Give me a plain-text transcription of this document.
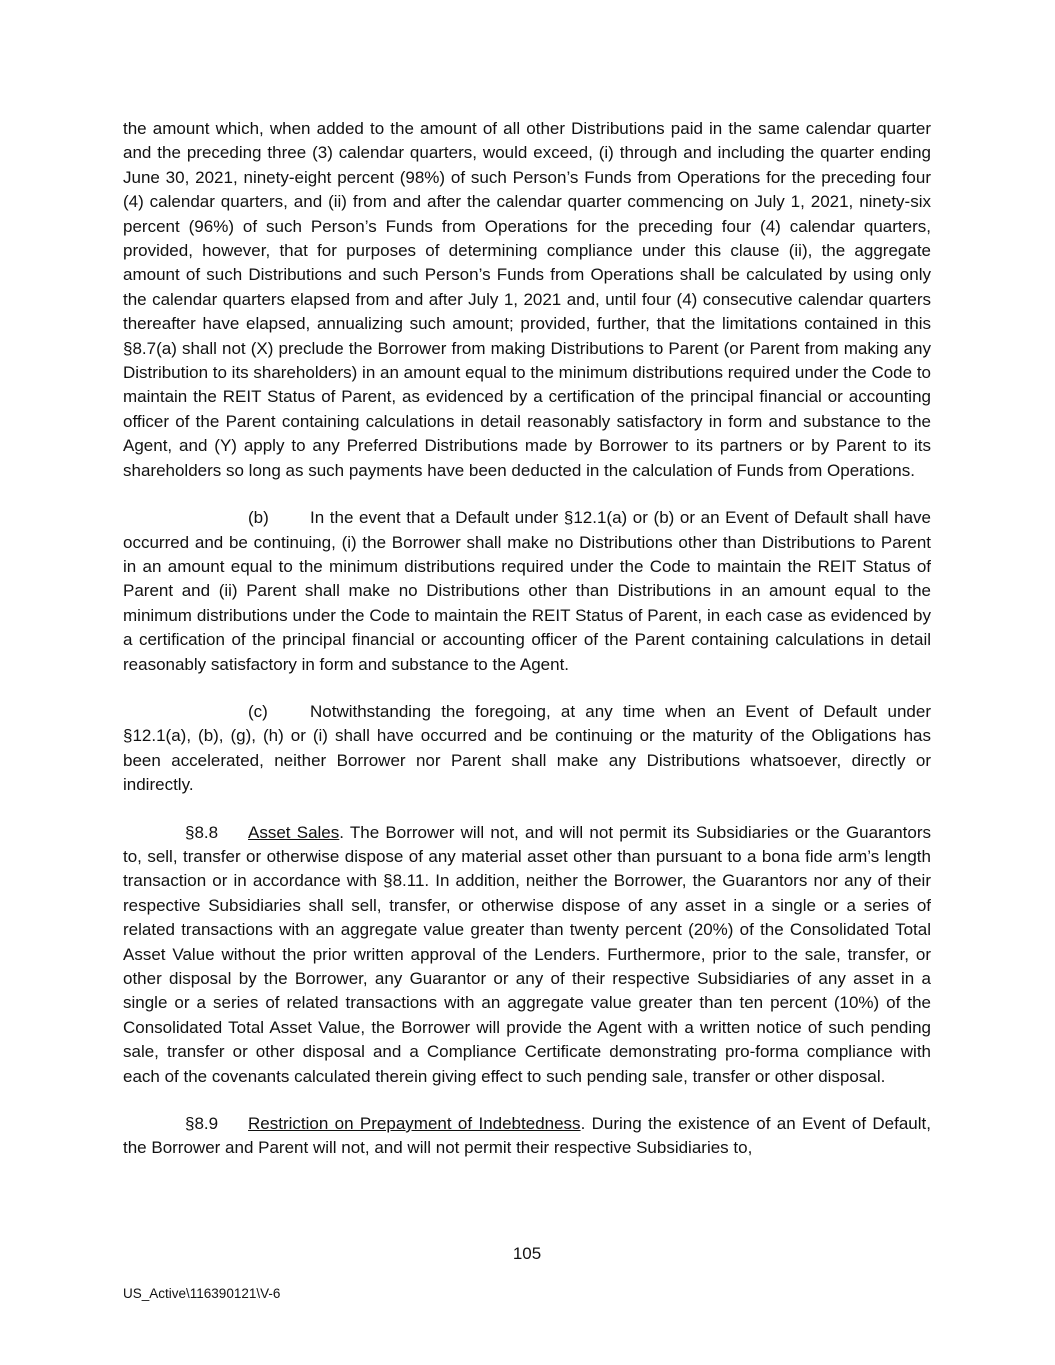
the amount which, when added to the amount of all other Distributions paid in the same calendar quarter and the preceding three (3) calendar quarters, would exceed, (i) through and including the quarter ending June 30, 2021, ninety-eight percent (98%) of such Person’s Funds from Operations for the preceding four (4) calendar quarters, and (ii) from and after the calendar quarter commencing on July 1, 2021, ninety-six percent (96%) of such Person’s Funds from Operations for the preceding four (4) calendar quarters, provided, however, that for purposes of determining compliance under this clause (ii), the aggregate amount of such Distributions and such Person’s Funds from Operations shall be calculated by using only the calendar quarters elapsed from and after July 1, 2021 and, until four (4) consecutive calendar quarters thereafter have elapsed, annualizing such amount; provided, further, that the limitations contained in this §8.7(a) shall not (X) preclude the Borrower from making Distributions to Parent (or Parent from making any Distribution to its shareholders) in an amount equal to the minimum distributions required under the Code to maintain the REIT Status of Parent, as evidenced by a certification of the principal financial or accounting officer of the Parent containing calculations in detail reasonably satisfactory in form and substance to the Agent, and (Y) apply to any Preferred Distributions made by Borrower to its partners or by Parent to its shareholders so long as such payments have been deducted in the calculation of Funds from Operations.

(b) In the event that a Default under §12.1(a) or (b) or an Event of Default shall have occurred and be continuing, (i) the Borrower shall make no Distributions other than Distributions to Parent in an amount equal to the minimum distributions required under the Code to maintain the REIT Status of Parent and (ii) Parent shall make no Distributions other than Distributions in an amount equal to the minimum distributions under the Code to maintain the REIT Status of Parent, in each case as evidenced by a certification of the principal financial or accounting officer of the Parent containing calculations in detail reasonably satisfactory in form and substance to the Agent.

(c) Notwithstanding the foregoing, at any time when an Event of Default under §12.1(a), (b), (g), (h) or (i) shall have occurred and be continuing or the maturity of the Obligations has been accelerated, neither Borrower nor Parent shall make any Distributions whatsoever, directly or indirectly.

§8.8 Asset Sales. The Borrower will not, and will not permit its Subsidiaries or the Guarantors to, sell, transfer or otherwise dispose of any material asset other than pursuant to a bona fide arm’s length transaction or in accordance with §8.11. In addition, neither the Borrower, the Guarantors nor any of their respective Subsidiaries shall sell, transfer, or otherwise dispose of any asset in a single or a series of related transactions with an aggregate value greater than twenty percent (20%) of the Consolidated Total Asset Value without the prior written approval of the Lenders. Furthermore, prior to the sale, transfer, or other disposal by the Borrower, any Guarantor or any of their respective Subsidiaries of any asset in a single or a series of related transactions with an aggregate value greater than ten percent (10%) of the Consolidated Total Asset Value, the Borrower will provide the Agent with a written notice of such pending sale, transfer or other disposal and a Compliance Certificate demonstrating pro-forma compliance with each of the covenants calculated therein giving effect to such pending sale, transfer or other disposal.

§8.9 Restriction on Prepayment of Indebtedness. During the existence of an Event of Default, the Borrower and Parent will not, and will not permit their respective Subsidiaries to,

105
US_Active\116390121\V-6
